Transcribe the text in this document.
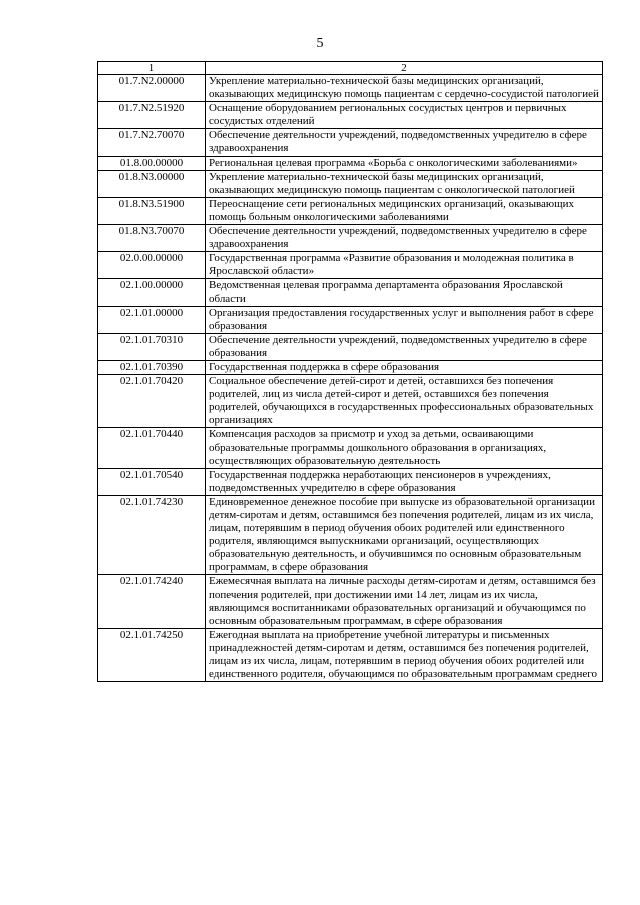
5
1	2
01.7.N2.00000	Укрепление материально-технической базы медицинских организаций, оказывающих медицинскую помощь пациентам с сердечно-сосудистой патологией
01.7.N2.51920	Оснащение оборудованием региональных сосудистых центров и первичных сосудистых отделений
01.7.N2.70070	Обеспечение деятельности учреждений, подведомственных учредителю в сфере здравоохранения
01.8.00.00000	Региональная целевая программа «Борьба с онкологическими заболеваниями»
01.8.N3.00000	Укрепление материально-технической базы медицинских организаций, оказывающих медицинскую помощь пациентам с онкологической патологией
01.8.N3.51900	Переоснащение сети региональных медицинских организаций, оказывающих помощь больным онкологическими заболеваниями
01.8.N3.70070	Обеспечение деятельности учреждений, подведомственных учредителю в сфере здравоохранения
02.0.00.00000	Государственная программа «Развитие образования и молодежная политика в Ярославской области»
02.1.00.00000	Ведомственная целевая программа департамента образования Ярославской области
02.1.01.00000	Организация предоставления государственных услуг и выполнения работ в сфере образования
02.1.01.70310	Обеспечение деятельности учреждений, подведомственных учредителю в сфере образования
02.1.01.70390	Государственная поддержка в сфере образования
02.1.01.70420	Социальное обеспечение детей-сирот и детей, оставшихся без попечения родителей, лиц из числа детей-сирот и детей, оставшихся без попечения родителей, обучающихся в государственных профессиональных образовательных организациях
02.1.01.70440	Компенсация расходов за присмотр и уход за детьми, осваивающими образовательные программы дошкольного образования в организациях, осуществляющих образовательную деятельность
02.1.01.70540	Государственная поддержка неработающих пенсионеров в учреждениях, подведомственных учредителю в сфере образования
02.1.01.74230	Единовременное денежное пособие при выпуске из образовательной организации детям-сиротам и детям, оставшимся без попечения родителей, лицам из их числа, лицам, потерявшим в период обучения обоих родителей или единственного родителя, являющимся выпускниками организаций, осуществляющих образовательную деятельность, и обучившимся по основным образовательным программам, в сфере образования
02.1.01.74240	Ежемесячная выплата на личные расходы детям-сиротам и детям, оставшимся без попечения родителей, при достижении ими 14 лет, лицам из их числа, являющимся воспитанниками образовательных организаций и обучающимся по основным образовательным программам, в сфере образования
02.1.01.74250	Ежегодная выплата на приобретение учебной литературы и письменных принадлежностей детям-сиротам и детям, оставшимся без попечения родителей, лицам из их числа, лицам, потерявшим в период обучения обоих родителей или единственного родителя, обучающимся по образовательным программам среднего
